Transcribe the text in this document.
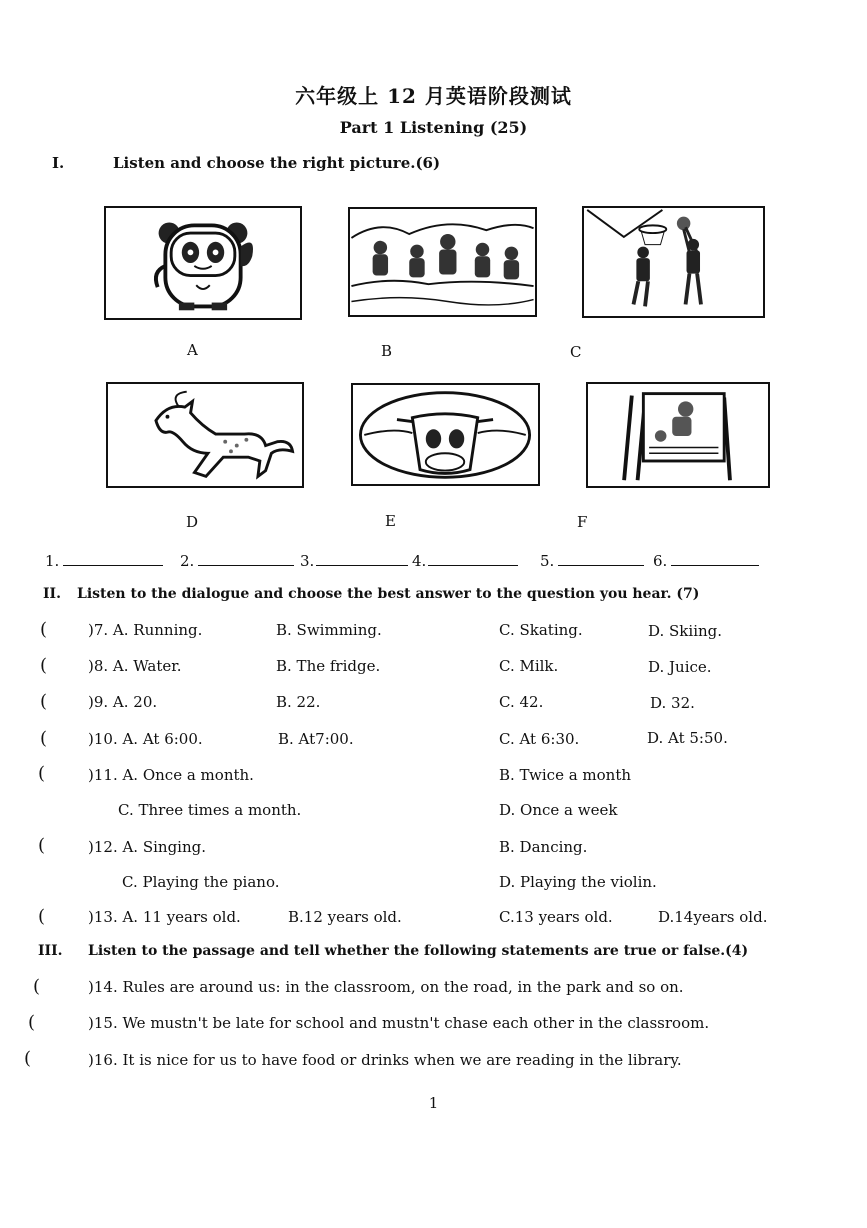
六年级上 12 月英语阶段测试
Part 1 Listening (25)
I.	Listen and choose the right picture.(6)
A	B	C
D	E	F
1.	2.	3.	4.	5.	6.
II. Listen to the dialogue and choose the best answer to the question you hear. (7)
(	)7. A. Running.	B. Swimming.	C. Skating.	D. Skiing.
(	)8. A. Water.	B. The fridge.	C. Milk.	D. Juice.
(	)9. A. 20.	B. 22.	C. 42.	D. 32.
(	)10. A. At 6:00.	B. At7:00.	C. At 6:30.	D. At 5:50.
(	)11. A. Once a month.	B. Twice a month
C. Three times a month.	D. Once a week
(	)12. A. Singing.	B. Dancing.
C. Playing the piano.	D. Playing the violin.
(	)13. A. 11 years old.	B.12 years old.	C.13 years old.	D.14years old.
III. Listen to the passage and tell whether the following statements are true or false.(4)
(	)14. Rules are around us: in the classroom, on the road, in the park and so on.
(	)15. We mustn't be late for school and mustn't chase each other in the classroom.
(	)16. It is nice for us to have food or drinks when we are reading in the library.
1
